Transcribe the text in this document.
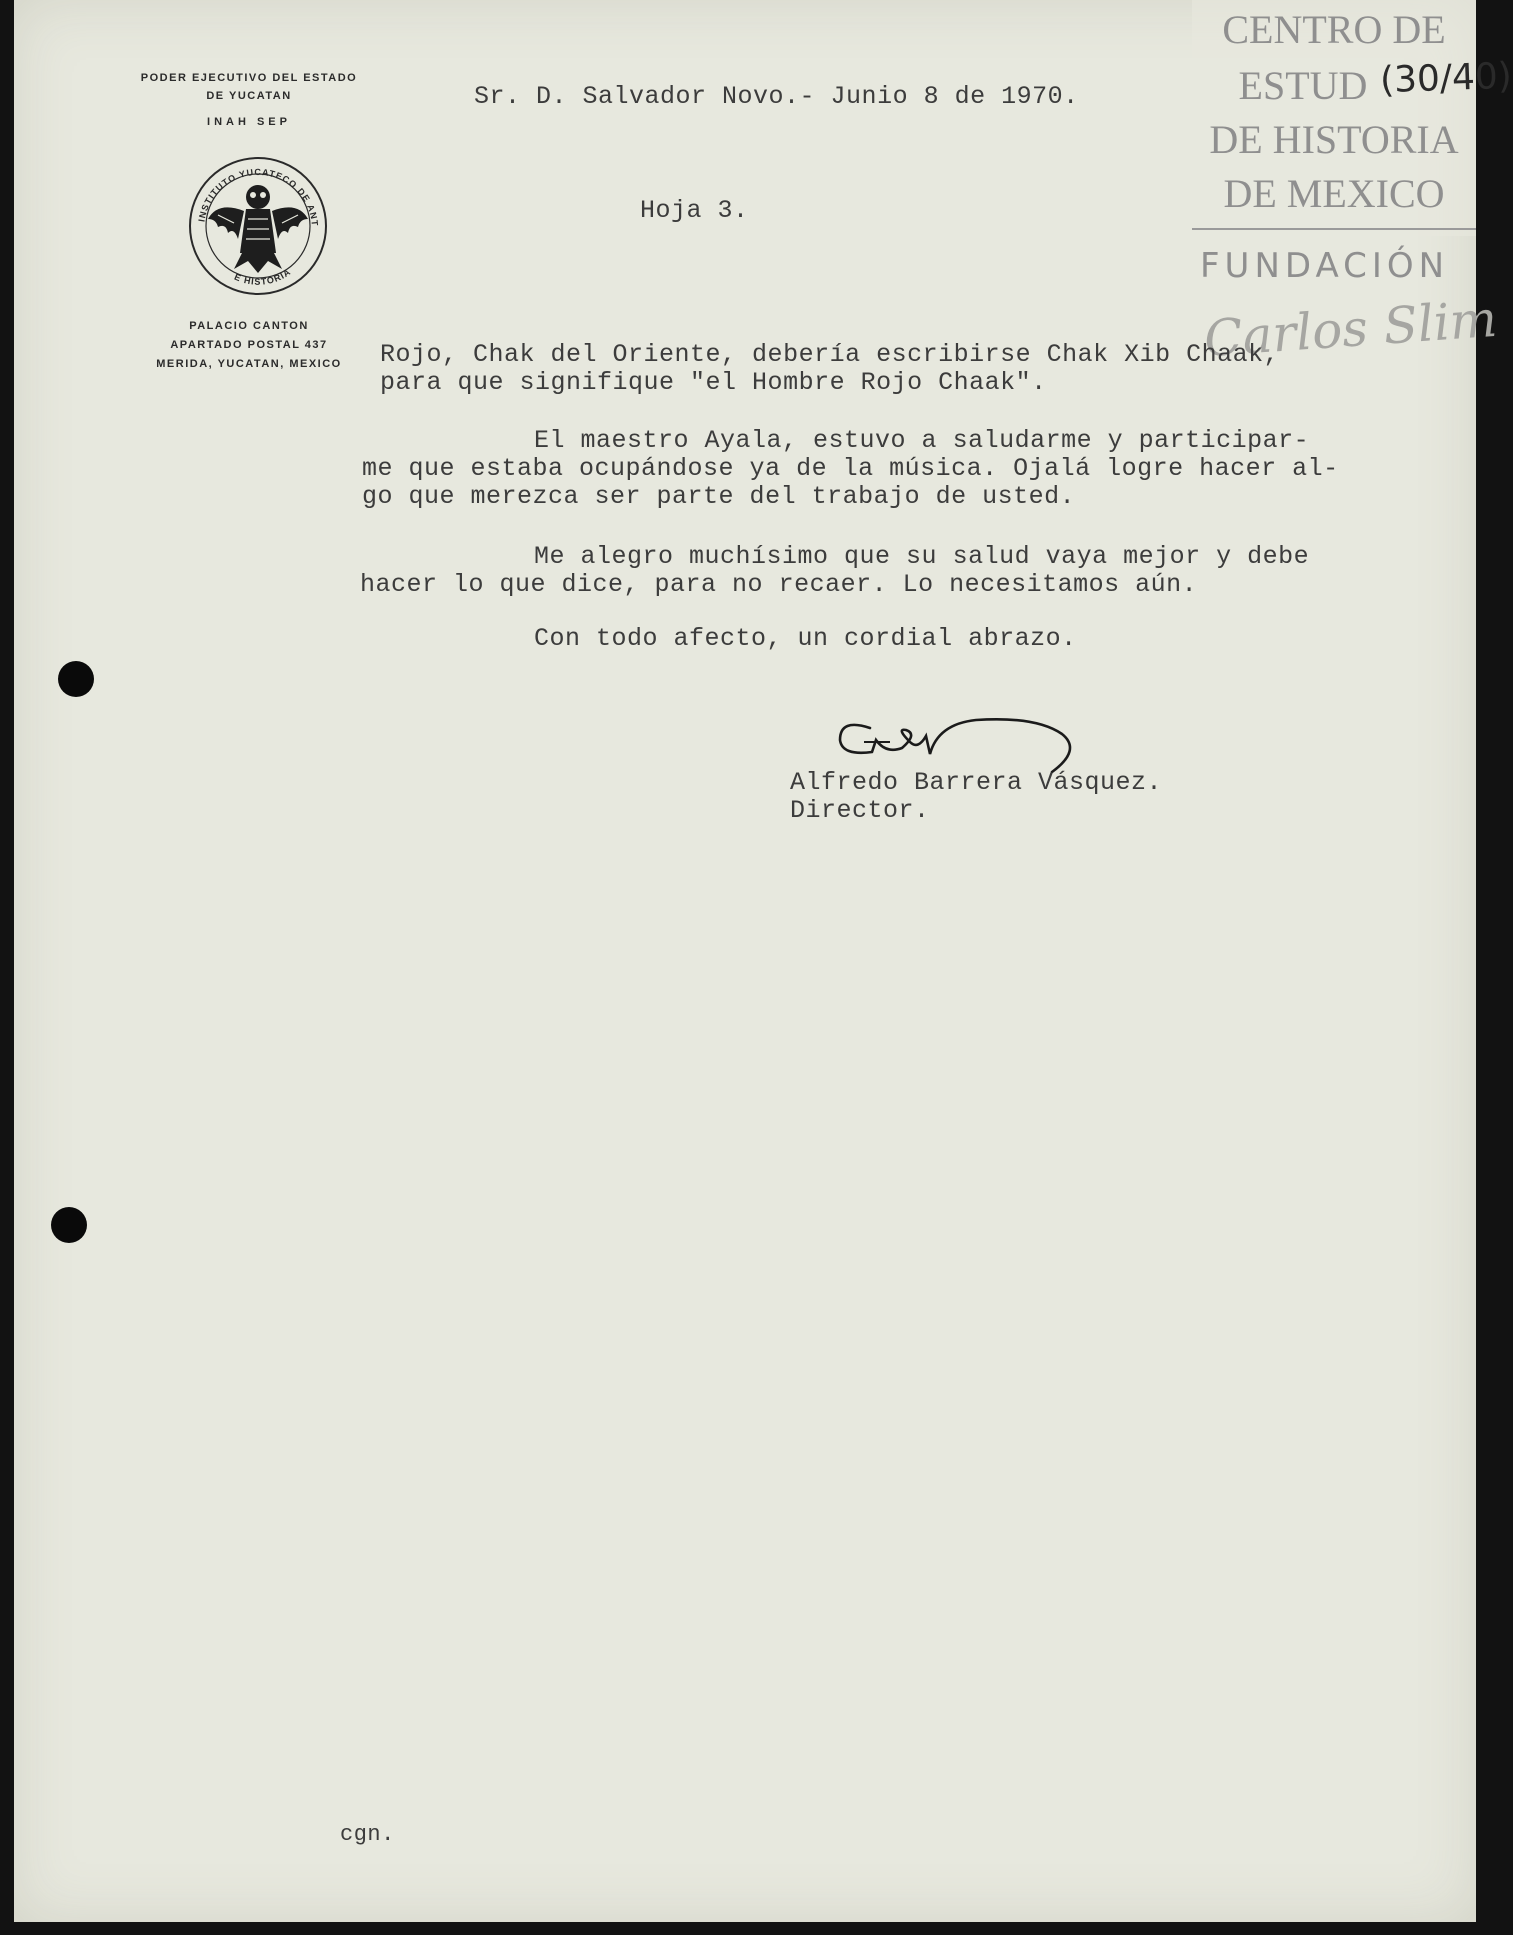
PODER EJECUTIVO DEL ESTADO
DE YUCATAN
INAH SEP
INSTITUTO YUCATECO DE ANT
E HISTORIA
PALACIO CANTON
APARTADO POSTAL 437
MERIDA, YUCATAN, MEXICO
CENTRO DE
ESTUD
DE HISTORIA
DE MEXICO
FUNDACIÓN
Carlos Slim
(30/40)
Sr. D. Salvador Novo.- Junio 8 de 1970.
Hoja 3.
Rojo, Chak del Oriente, debería escribirse Chak Xib Chaak,
para que signifique "el Hombre Rojo Chaak".
El maestro Ayala, estuvo a saludarme y participar-
me que estaba ocupándose ya de la música. Ojalá logre hacer al-
go que merezca ser parte del trabajo de usted.
Me alegro muchísimo que su salud vaya mejor y debe
hacer lo que dice, para no recaer. Lo necesitamos aún.
Con todo afecto, un cordial abrazo.
Alfredo Barrera Vásquez.
Director.
cgn.
